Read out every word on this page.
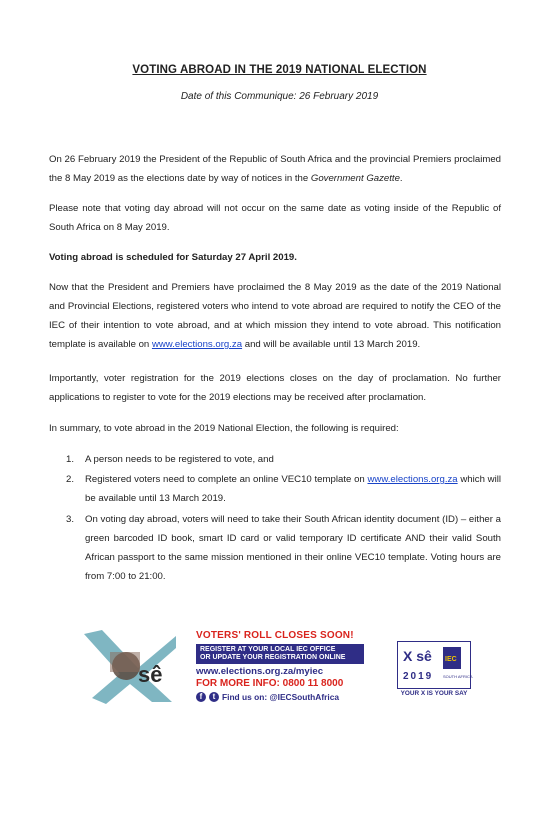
VOTING ABROAD IN THE 2019 NATIONAL ELECTION
Date of this Communique: 26 February 2019
On 26 February 2019 the President of the Republic of South Africa and the provincial Premiers proclaimed the 8 May 2019 as the elections date by way of notices in the Government Gazette.
Please note that voting day abroad will not occur on the same date as voting inside of the Republic of South Africa on 8 May 2019.
Voting abroad is scheduled for Saturday 27 April 2019.
Now that the President and Premiers have proclaimed the 8 May 2019 as the date of the 2019 National and Provincial Elections, registered voters who intend to vote abroad are required to notify the CEO of the IEC of their intention to vote abroad, and at which mission they intend to vote abroad. This notification template is available on www.elections.org.za and will be available until 13 March 2019.
Importantly, voter registration for the 2019 elections closes on the day of proclamation. No further applications to register to vote for the 2019 elections may be received after proclamation.
In summary, to vote abroad in the 2019 National Election, the following is required:
1. A person needs to be registered to vote, and
2. Registered voters need to complete an online VEC10 template on www.elections.org.za which will be available until 13 March 2019.
3. On voting day abroad, voters will need to take their South African identity document (ID) – either a green barcoded ID book, smart ID card or valid temporary ID certificate AND their valid South African passport to the same mission mentioned in their online VEC10 template. Voting hours are from 7:00 to 21:00.
sê
VOTERS' ROLL CLOSES SOON!
REGISTER AT YOUR LOCAL IEC OFFICE
OR UPDATE YOUR REGISTRATION ONLINE
www.elections.org.za/myiec
FOR MORE INFO: 0800 11 8000
f	t Find us on: @IECSouthAfrica
X sê IEC
2019 SOUTH AFRICA
YOUR X IS YOUR SAY
